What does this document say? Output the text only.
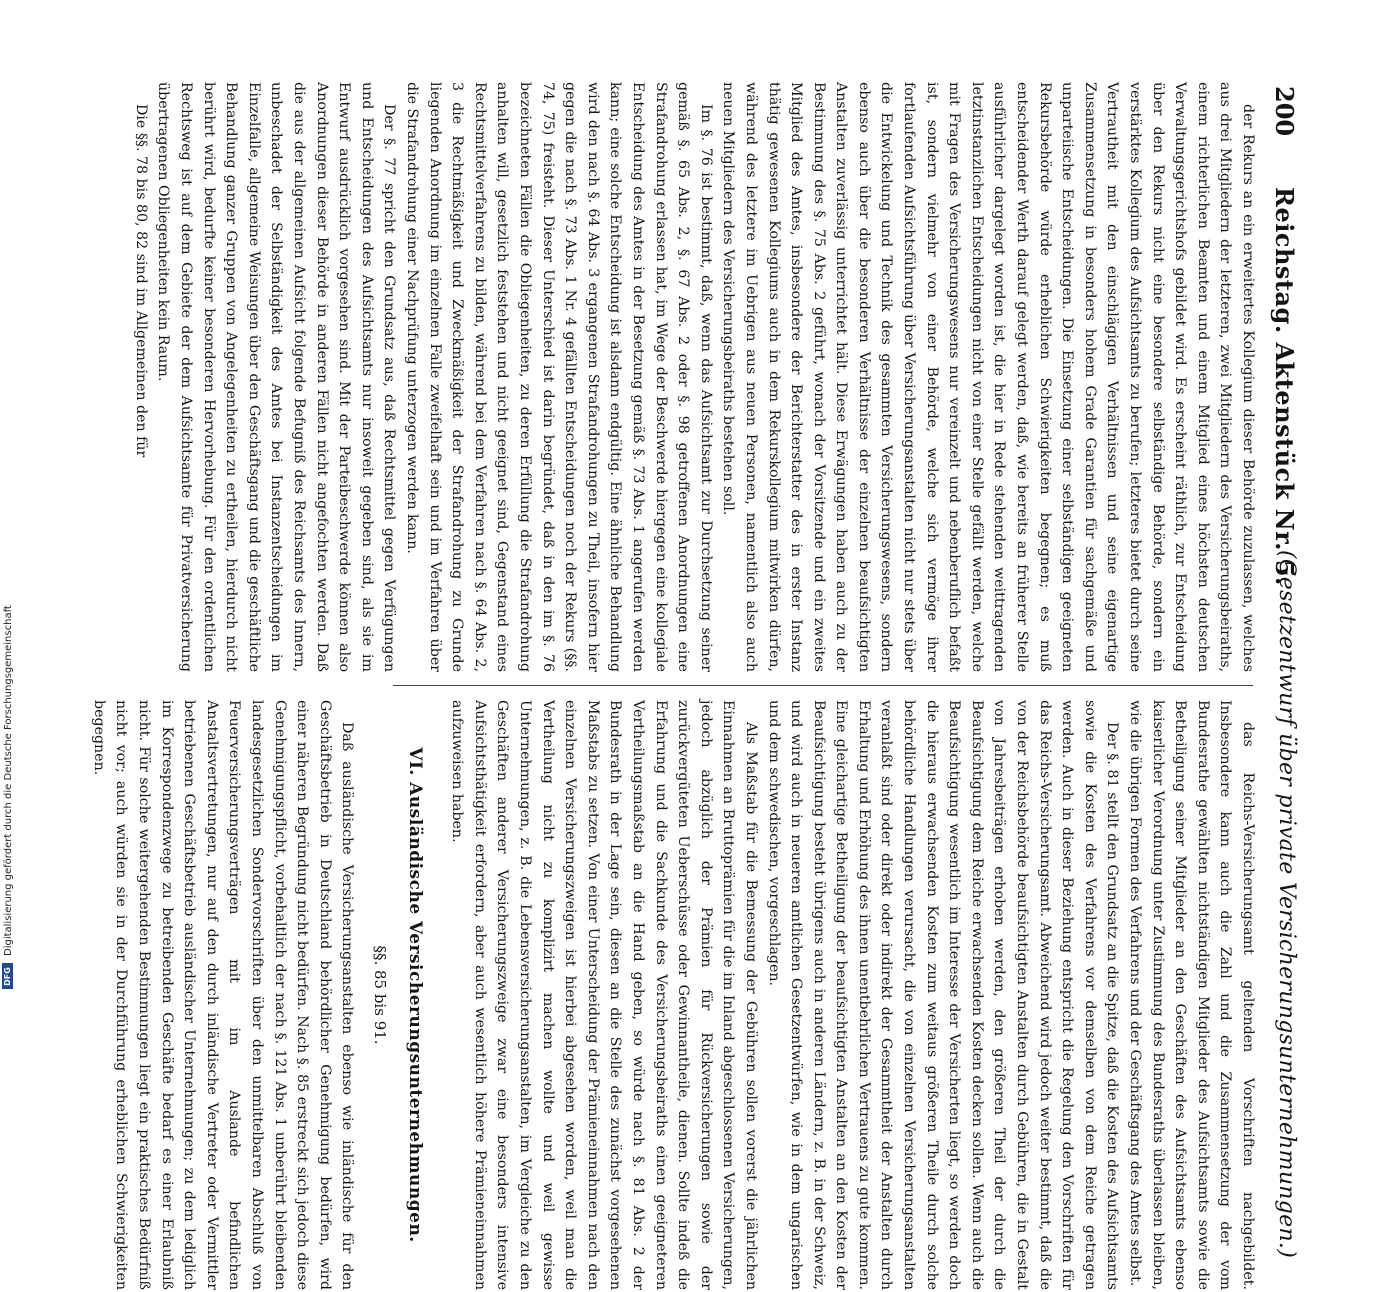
200
Reichstag. Aktenstück Nr. 5.
(Gesetzentwurf über private Versicherungsunternehmungen.)

der Rekurs an ein erweitertes Kollegium dieser Behörde zuzulassen, welches aus drei Mitgliedern der letzteren, zwei Mitgliedern des Versicherungsbeiraths, einem richterlichen Beamten und einem Mitglied eines höchsten deutschen Verwaltungsgerichtshofs gebildet wird. Es erscheint räthlich, zur Entscheidung über den Rekurs nicht eine besondere selbständige Behörde, sondern ein verstärktes Kollegium des Aufsichtsamts zu berufen; letzteres bietet durch seine Vertrautheit mit den einschlägigen Verhältnissen und seine eigenartige Zusammensetzung in besonders hohem Grade Garantien für sachgemäße und unparteiische Entscheidungen. Die Einsetzung einer selbständigen geeigneten Rekursbehörde würde erheblichen Schwierigkeiten begegnen; es muß entscheidender Werth darauf gelegt werden, daß, wie bereits an früherer Stelle ausführlicher dargelegt worden ist, die hier in Rede stehenden weittragenden letztinstanzlichen Entscheidungen nicht von einer Stelle gefällt werden, welche mit Fragen des Versicherungswesens nur vereinzelt und nebenberuflich befaßt ist, sondern vielmehr von einer Behörde, welche sich vermöge ihrer fortlaufenden Aufsichtsführung über Versicherungsanstalten nicht nur stets über die Entwickelung und Technik des gesammten Versicherungswesens, sondern ebenso auch über die besonderen Verhältnisse der einzelnen beaufsichtigten Anstalten zuverlässig unterrichtet hält. Diese Erwägungen haben auch zu der Bestimmung des §. 75 Abs. 2 geführt, wonach der Vorsitzende und ein zweites Mitglied des Amtes, insbesondere der Berichterstatter des in erster Instanz thätig gewesenen Kollegiums auch in dem Rekurskollegium mitwirken dürfen, während des letztere im Uebrigen aus neuen Personen, namentlich also auch neuen Mitgliedern des Versicherungsbeiraths bestehen soll.

Im §. 76 ist bestimmt, daß, wenn das Aufsichtsamt zur Durchsetzung seiner gemäß §. 65 Abs. 2, §. 67 Abs. 2 oder §. 98 getroffenen Anordnungen eine Strafandrohung erlassen hat, im Wege der Beschwerde hiergegen eine kollegiale Entscheidung des Amtes in der Besetzung gemäß §. 73 Abs. 1 angerufen werden kann; eine solche Entscheidung ist alsdann endgültig. Eine ähnliche Behandlung wird den nach §. 64 Abs. 3 ergangenen Strafandrohungen zu Theil, insofern hier gegen die nach §. 73 Abs. 1 Nr. 4 gefällten Entscheidungen noch der Rekurs (§§. 74, 75) freisteht. Dieser Unterschied ist darin begründet, daß in den im §. 76 bezeichneten Fällen die Obliegenheiten, zu deren Erfüllung die Strafandrohung anhalten will, gesetzlich feststehen und nicht geeignet sind, Gegenstand eines Rechtsmittelverfahrens zu bilden, während bei dem Verfahren nach §. 64 Abs. 2, 3 die Rechtmäßigkeit und Zweckmäßigkeit der Strafandrohung zu Grunde liegenden Anordnung im einzelnen Falle zweifelhaft sein und im Verfahren über die Strafandrohung einer Nachprüfung unterzogen werden kann.

Der §. 77 spricht den Grundsatz aus, daß Rechtsmittel gegen Verfügungen und Entscheidungen des Aufsichtsamts nur insoweit gegeben sind, als sie im Entwurf ausdrücklich vorgesehen sind. Mit der Parteibeschwerde können also Anordnungen dieser Behörde in anderen Fällen nicht angefochten werden. Daß die aus der allgemeinen Aufsicht folgende Befugniß des Reichsamts des Innern, unbeschadet der Selbständigkeit des Amtes bei Instanzentscheidungen im Einzelfalle, allgemeine Weisungen über den Geschäftsgang und die geschäftliche Behandlung ganzer Gruppen von Angelegenheiten zu ertheilen, hierdurch nicht berührt wird, bedurfte keiner besonderen Hervorhebung. Für den ordentlichen Rechtsweg ist auf dem Gebiete der dem Aufsichtsamte für Privatversicherung übertragenen Obliegenheiten kein Raum.

Die §§. 78 bis 80, 82 sind im Allgemeinen den für

das Reichs-Versicherungsamt geltenden Vorschriften nachgebildet. Insbesondere kann auch die Zahl und die Zusammensetzung der vom Bundesrathe gewählten nichtständigen Mitglieder des Aufsichtsamts sowie die Betheiligung seiner Mitglieder an den Geschäften des Aufsichtsamts ebenso kaiserlicher Verordnung unter Zustimmung des Bundesraths überlassen bleiben, wie die übrigen Formen des Verfahrens und der Geschäftsgang des Amtes selbst.

Der §. 81 stellt den Grundsatz an die Spitze, daß die Kosten des Aufsichtsamts sowie die Kosten des Verfahrens vor demselben von dem Reiche getragen werden. Auch in dieser Beziehung entspricht die Regelung den Vorschriften für das Reichs-Versicherungsamt. Abweichend wird jedoch weiter bestimmt, daß die von der Reichsbehörde beaufsichtigten Anstalten durch Gebühren, die in Gestalt von Jahresbeiträgen erhoben werden, den größeren Theil der durch die Beaufsichtigung dem Reiche erwachsenden Kosten decken sollen. Wenn auch die Beaufsichtigung wesentlich im Interesse der Versicherten liegt, so werden doch die hieraus erwachsenden Kosten zum weitaus größeren Theile durch solche behördliche Handlungen verursacht, die von einzelnen Versicherungsanstalten veranlaßt sind oder direkt oder indirekt der Gesammtheit der Anstalten durch Erhaltung und Erhöhung des ihnen unentbehrlichen Vertrauens zu gute kommen. Eine gleichartige Betheiligung der beaufsichtigten Anstalten an den Kosten der Beaufsichtigung besteht übrigens auch in anderen Ländern, z. B. in der Schweiz, und wird auch in neueren amtlichen Gesetzentwürfen, wie in dem ungarischen und dem schwedischen, vorgeschlagen.

Als Maßstab für die Bemessung der Gebühren sollen vorerst die jährlichen Einnahmen an Bruttoprämien für die im Inland abgeschlossenen Versicherungen, jedoch abzüglich der Prämien für Rückversicherungen sowie der zurückvergüteten Ueberschüsse oder Gewinnantheile, dienen. Sollte indeß die Erfahrung und die Sachkunde des Versicherungsbeiraths einen geeigneteren Vertheilungsmaßstab an die Hand geben, so würde nach §. 81 Abs. 2 der Bundesrath in der Lage sein, diesen an die Stelle des zunächst vorgesehenen Maßstabs zu setzen. Von einer Unterscheidung der Prämieneinnahmen nach den einzelnen Versicherungszweigen ist hierbei abgesehen worden, weil man die Vertheilung nicht zu komplizirt machen wollte und weil gewisse Unternehmungen, z. B. die Lebensversicherungsanstalten, im Vergleiche zu den Geschäften anderer Versicherungszweige zwar eine besonders intensive Aufsichtsthätigkeit erfordern, aber auch wesentlich höhere Prämieneinnahmen aufzuweisen haben.

VI. Ausländische Versicherungsunternehmungen.
§§. 85 bis 91.

Daß ausländische Versicherungsanstalten ebenso wie inländische für den Geschäftsbetrieb in Deutschland behördlicher Genehmigung bedürfen, wird einer näheren Begründung nicht bedürfen. Nach §. 85 erstreckt sich jedoch diese Genehmigungspflicht, vorbehaltlich der nach §. 121 Abs. 1 unberührt bleibenden landesgesetzlichen Sondervorschriften über den unmittelbaren Abschluß von Feuerversicherungsverträgen mit im Auslande befindlichen Anstaltsvertretungen, nur auf den durch inländische Vertreter oder Vermittler betriebenen Geschäftsbetrieb ausländischer Unternehmungen; zu dem lediglich im Korrespondenzwege zu betreibenden Geschäfte bedarf es einer Erlaubniß nicht. Für solche weitergehenden Bestimmungen liegt ein praktisches Bedürfniß nicht vor; auch würden sie in der Durchführung erheblichen Schwierigkeiten begegnen.

Digitalisierung gefördert durch die Deutsche Forschungsgemeinschaft
DFG
